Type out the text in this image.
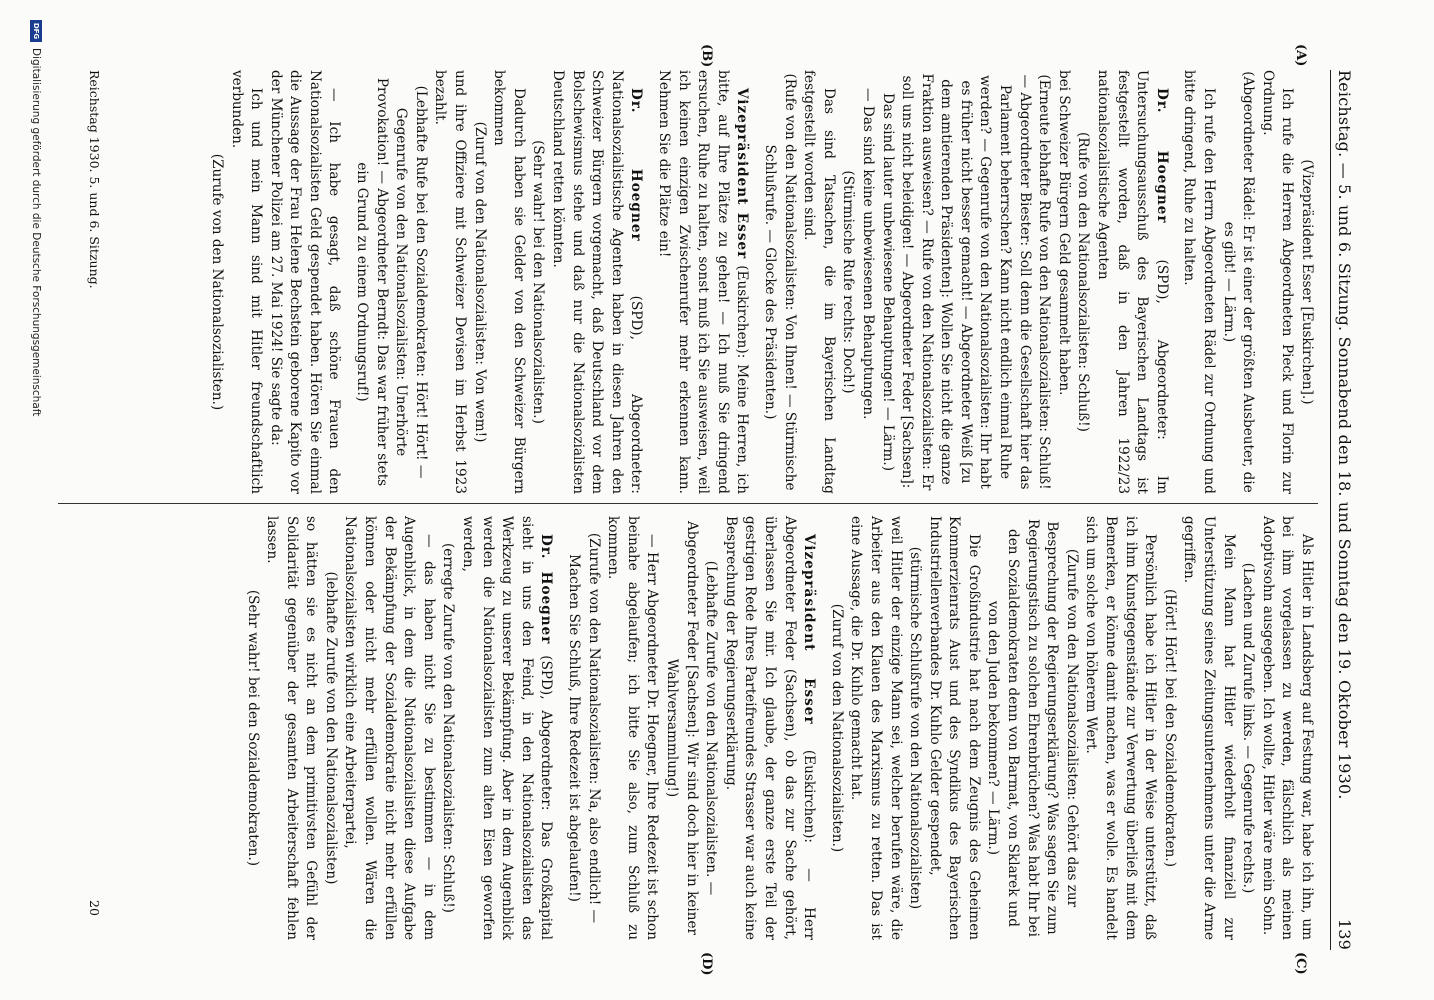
Reichstag. — 5. und 6. Sitzung. Sonnabend den 18. und Sonntag den 19. Oktober 1930.
139
(A)
(B)
(C)
(D)

(Vizepräsident Esser [Euskirchen].)

Ich rufe die Herren Abgeordneten Pieck und Florin zur Ordnung.

(Abgeordneter Rädel: Er ist einer der größten Ausbeuter, die es gibt! — Lärm.)

Ich rufe den Herrn Abgeordneten Rädel zur Ordnung und bitte dringend, Ruhe zu halten.

Dr. Hoegner (SPD), Abgeordneter: Im Untersuchungsausschuß des Bayerischen Landtags ist festgestellt worden, daß in den Jahren 1922/23 nationalsozialistische Agenten

(Rufe von den Nationalsozialisten: Schluß!)

bei Schweizer Bürgern Geld gesammelt haben.

(Erneute lebhafte Rufe von den Nationalsozialisten: Schluß! — Abgeordneter Biester: Soll denn die Gesellschaft hier das Parlament beherrschen? Kann nicht endlich einmal Ruhe werden? — Gegenrufe von den Nationalsozialisten: Ihr habt es früher nicht besser gemacht! — Abgeordneter Weiß [zu dem amtierenden Präsidenten]: Wollen Sie nicht die ganze Fraktion ausweisen? — Rufe von den Nationalsozialisten: Er soll uns nicht beleidigen! — Abgeordneter Feder [Sachsen]: Das sind lauter unbewiesene Behauptungen! — Lärm.)

— Das sind keine unbewiesenen Behauptungen.

(Stürmische Rufe rechts: Doch!)

Das sind Tatsachen, die im Bayerischen Landtag festgestellt worden sind.

(Rufe von den Nationalsozialisten: Von Ihnen! — Stürmische Schlußrufe. — Glocke des Präsidenten.)

Vizepräsident Esser (Euskirchen): Meine Herren, ich bitte, auf Ihre Plätze zu gehen! — Ich muß Sie dringend ersuchen, Ruhe zu halten, sonst muß ich Sie ausweisen, weil ich keinen einzigen Zwischenrufer mehr erkennen kann. Nehmen Sie die Plätze ein!

Dr. Hoegner (SPD), Abgeordneter: Nationalsozialistische Agenten haben in diesen Jahren den Schweizer Bürgern vorgemacht, daß Deutschland vor dem Bolschewismus stehe und daß nur die Nationalsozialisten Deutschland retten könnten.

(Sehr wahr! bei den Nationalsozialisten.)

Dadurch haben sie Gelder von den Schweizer Bürgern bekommen

(Zuruf von den Nationalsozialisten: Von wem!)

und ihre Offiziere mit Schweizer Devisen im Herbst 1923 bezahlt.

(Lebhafte Rufe bei den Sozialdemokraten: Hört! Hört! — Gegenrufe von den Nationalsozialisten: Unerhörte Provokation! — Abgeordneter Berndt: Das war früher stets ein Grund zu einem Ordnungsruf!)

— Ich habe gesagt, daß schöne Frauen den Nationalsozialisten Geld gespendet haben. Hören Sie einmal die Aussage der Frau Helene Bechstein geborene Kapito vor der Münchener Polizei am 27. Mai 1924! Sie sagte da:

Ich und mein Mann sind mit Hitler freundschaftlich verbunden.

(Zurufe von den Nationalsozialisten.)

Als Hitler in Landsberg auf Festung war, habe ich ihn, um bei ihm vorgelassen zu werden, fälschlich als meinen Adoptivsohn ausgegeben. Ich wollte, Hitler wäre mein Sohn.

(Lachen und Zurufe links. — Gegenrufe rechts.)

Mein Mann hat Hitler wiederholt finanziell zur Unterstützung seines Zeitungsunternehmens unter die Arme gegriffen.

(Hört! Hört! bei den Sozialdemokraten.)

Persönlich habe ich Hitler in der Weise unterstützt, daß ich ihm Kunstgegenstände zur Verwertung überließ mit dem Bemerken, er könne damit machen, was er wolle. Es handelt sich um solche von höherem Wert.

(Zurufe von den Nationalsozialisten: Gehört das zur Besprechung der Regierungserklärung? Was sagen Sie zum Regierungstisch zu solchen Ehrenbrüchen? Was habt Ihr bei den Sozialdemokraten denn von Barmat, von Sklarek und von den Juden bekommen? — Lärm.)

Die Großindustrie hat nach dem Zeugnis des Geheimen Kommerzienrats Aust und des Syndikus des Bayerischen Industriellenverbandes Dr. Kuhlo Gelder gespendet,

(stürmische Schlußrufe von den Nationalsozialisten)

weil Hitler der einzige Mann sei, welcher berufen wäre, die Arbeiter aus den Klauen des Marxismus zu retten. Das ist eine Aussage, die Dr. Kuhlo gemacht hat.

(Zuruf von den Nationalsozialisten.)

Vizepräsident Esser (Euskirchen): — Herr Abgeordneter Feder (Sachsen), ob das zur Sache gehört, überlassen Sie mir. Ich glaube, der ganze erste Teil der gestrigen Rede Ihres Parteifreundes Strasser war auch keine Besprechung der Regierungserklärung.

(Lebhafte Zurufe von den Nationalsozialisten. — Abgeordneter Feder [Sachsen]: Wir sind doch hier in keiner Wahlversammlung!)

— Herr Abgeordneter Dr. Hoegner, Ihre Redezeit ist schon beinahe abgelaufen; ich bitte Sie also, zum Schluß zu kommen.

(Zurufe von den Nationalsozialisten: Na, also endlich! — Machen Sie Schluß, Ihre Redezeit ist abgelaufen!)

Dr. Hoegner (SPD), Abgeordneter: Das Großkapital sieht in uns den Feind, in den Nationalsozialisten das Werkzeug zu unserer Bekämpfung. Aber in dem Augenblick werden die Nationalsozialisten zum alten Eisen geworfen werden,

(erregte Zurufe von den Nationalsozialisten: Schluß!)

— das haben nicht Sie zu bestimmen — in dem Augenblick, in dem die Nationalsozialisten diese Aufgabe der Bekämpfung der Sozialdemokratie nicht mehr erfüllen können oder nicht mehr erfüllen wollen. Wären die Nationalsozialisten wirklich eine Arbeiterpartei,

(lebhafte Zurufe von den Nationalsozialisten)

so hätten sie es nicht an dem primitivsten Gefühl der Solidarität gegenüber der gesamten Arbeiterschaft fehlen lassen.

(Sehr wahr! bei den Sozialdemokraten.)

Reichstag 1930. 5. und 6. Sitzung.
20
DFG
Digitalisierung gefördert durch die Deutsche Forschungsgemeinschaft
